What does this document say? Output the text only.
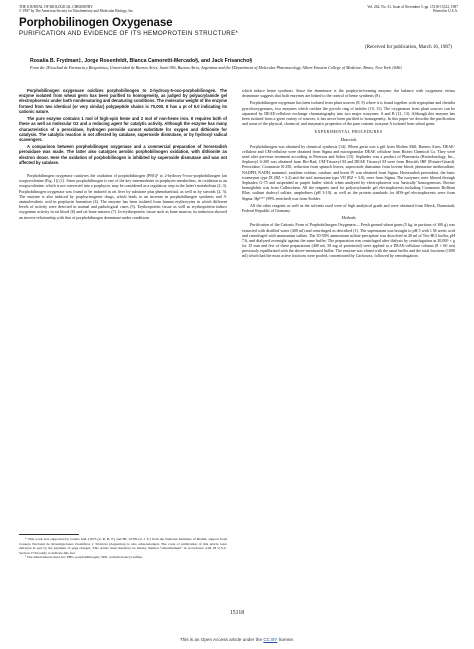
THE JOURNAL OF BIOLOGICAL CHEMISTRY
© 1987 by The American Society for Biochemistry and Molecular Biology, Inc.
Vol. 262, No. 31, Issue of November 5, pp. 15118-15122, 1987
Printed in U.S.A.
Porphobilinogen Oxygenase
PURIFICATION AND EVIDENCE OF ITS HEMOPROTEIN STRUCTURE*
(Received for publication, March 16, 1987)
Rosalía B. Frydman‡, Jorge Rosenfeldt, Blanca Camoretti-Mercado§, and Jack Frisancho§
From the ‡Facultad de Farmacia y Bioquímica, Universidad de Buenos Aires, Junín 956, Buenos Aires, Argentina and the §Department of Molecular Pharmacology, Albert Einstein College of Medicine, Bronx, New York 10461

Porphobilinogen oxygenase oxidizes porphobilinogen to 2-hydroxy-5-oxo-porphobilinogen. The enzyme isolated from wheat germ has been purified to homogeneity, as judged by polyacrylamide gel electrophoresis under both nondenaturing and denaturing conditions. The molecular weight of the enzyme formed from two identical (or very similar) polypeptide chains is 70,000. It has a pI of 9.0 indicating its cationic nature.

The pure enzyme contains 1 mol of high-spin heme and 2 mol of non-heme iron. It requires both of these as well as molecular O2 and a reducing agent for catalytic activity. Although the enzyme has many characteristics of a peroxidase, hydrogen peroxide cannot substitute for oxygen and dithionite for catalysis. The catalytic reaction is not affected by catalase, superoxide dismutase, or by hydroxyl radical scavengers.

A comparison between porphobilinogen oxygenase and a commercial preparation of horseradish peroxidase was made. The latter also catalyzes aerobic porphobilinogen oxidation, with dithionite as electron donor. Here the oxidation of porphobilinogen is inhibited by superoxide dismutase and was not affected by catalase.

Porphobilinogen oxygenase catalyzes the oxidation of porphobilinogen (PBG)¹ to 2-hydroxy-5-oxo-porphobilinogen (an oxopyrrolenine (Fig. 1)) (1). Since porphobilinogen is one of the key intermediates in porphyrin metabolism, its oxidation to an oxopyrrolenine, which is not converted into a porphyrin, may be considered as a regulatory step in the latter's metabolism (2, 3). Porphobilinogen oxygenase was found to be induced in rat liver by substrate plus phenobarbital, as well as by steroids (2, 3). The enzyme is also induced by porphyrinogenic drugs, which leads to an increase in porphobilinogen synthesis and 5-aminolevulinic acid in porphyrin formation (4). The enzyme has been isolated from human erythrocytes in which different levels of activity were detected in normal and pathological cases (5). Erythropoietic tissue as well as erythropoietin induce oxygenase activity in rat blood (6) and rat bone marrow (7). In erythropoietic tissue such as bone marrow, its induction showed an inverse relationship with that of porphobilinogen deaminase under conditions

* This work was supported by Grants GM-11973 (to R. B. F.) and HL-12359 (to J. F.) from the National Institutes of Health, support from Consejo Nacional de Investigaciones Científicas y Técnicas (Argentina) is also acknowledged. The costs of publication of this article were defrayed in part by the payment of page charges. This article must therefore be hereby marked "advertisement" in accordance with 18 U.S.C. Section 1734 solely to indicate this fact.

¹ The abbreviations used are: PBG, porphobilinogen; SDS, sodium dodecyl sulfate.

which induce heme synthesis. Since the deaminase is the porphyrin-forming enzyme, the balance with oxygenase versus deaminase suggests that both enzymes are linked to the control of heme synthesis (8).

Porphobilinogen oxygenase has been isolated from plant sources (8, 9) where it is found together with tryptophan and chenilia pyrrolooxygenases, two enzymes which oxidize the pyrrole ring of indoles (10, 11). The oxygenases from plant sources can be separated by DEAE-cellulose exchange chromatography into two major isozymes: A and B (12, 13). Although this enzyme has been isolated from a great variety of sources, it has never been purified to homogeneity. In this paper we describe the purification and some of the physical, chemical, and enzymatic properties of the pure cationic isozyme A isolated from wheat germ.

EXPERIMENTAL PROCEDURES
Materials

Porphobilinogen was obtained by chemical synthesis (14). Wheat germ was a gift from Molino Mill, Buenos Aires. DEAE-cellulose and CM-cellulose were obtained from Sigma and microgranular DEAE cellulose from Bioteo Chemical Co. They were used after previous treatment according to Peterson and Sober (15). Sephadex was a product of Pharmacia (Biotechnology, Inc., Sephacryl S-200 was obtained from Bio-Rad, CM-Trisacryl M and DEAE Trisacryl M were from Réactifs IBF (Pointet-Girard). Peroxidase, Coomassie R-250, reduction from spinach leaves, superoxide dismutase from bovine blood, phenazine methosulfate, NADPH, NADH, mannitol, xanthine oxidase, catalase, and horse IV was obtained from Sigma. Horseradish peroxidase, the basic isoenzyme type IX (RZ = 3.2) and the acid isoenzyme type VII (RZ = 3.0), were from Sigma. The isozymes were filtered through Sephadex G-75 and suspended in purple buffer which when analyzed by electrophoresis was 'basically' homogeneous. Bovine hemoglobin was from Calbiochem. All the reagents used for polyacrylamide gel electrophoresis including Coomassie Brilliant Blue, sodium dodecyl sulfate, ampholines (pH 3-10), as well as the protein standards for SDS-gel electrophoresis were from Sigma. Hp¹⁵⁷⁰ (99% enriched) was from Stohler.

All the other reagents as well as the solvents used were of high analytical grade and were obtained from Merck, Darmstadt, Federal Republic of Germany.

Methods

Purification of the Cationic Form of Porphobilinogen Oxygenase— Fresh ground wheat germ (5 kg, in portions of 100 g) was extracted with distilled water (400 ml) and centrifuged as described (1). The supernatant was brought to pH 5 with 1 M acetic acid and centrifuged with ammonium sulfate. The 30-50% ammonium sulfate precipitate was dissolved in 40 ml of Tris-HCl buffer, pH 7.6, and dialyzed overnight against the same buffer. The preparation was centrifuged after dialysis by centrifugation at 20,000 × g for 15 min and few of these preparations (400 ml, 30 mg of protein/ml) were applied to a DEAE-cellulose column (8 × 60 cm) previously equilibrated with the above-mentioned buffer. The enzyme was eluted with the same buffer and the total fractions (1000 ml) which had the most active fractions were pooled, concentrated by Carbowax, followed by centrifugation,

15118
This is an Open Access article under the CC BY license.
